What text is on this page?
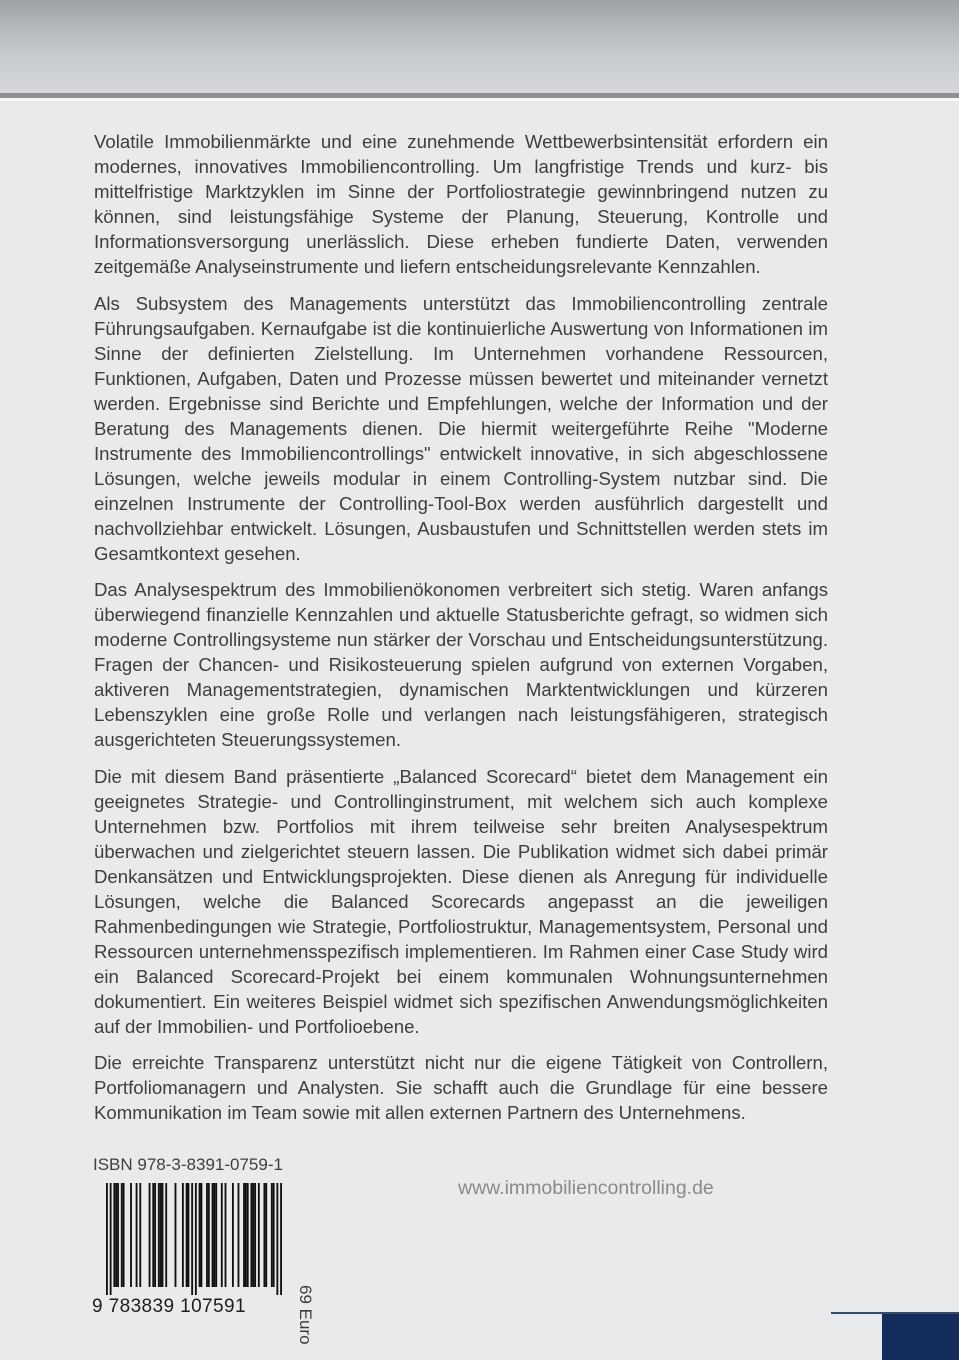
Volatile Immobilienmärkte und eine zunehmende Wettbewerbsintensität erfordern ein modernes, innovatives Immobiliencontrolling. Um langfristige Trends und kurz- bis mittelfristige Marktzyklen im Sinne der Portfoliostrategie gewinnbringend nutzen zu können, sind leistungsfähige Systeme der Planung, Steuerung, Kontrolle und Informationsversorgung unerlässlich. Diese erheben fundierte Daten, verwenden zeitgemäße Analyseinstrumente und liefern entscheidungsrelevante Kennzahlen.

Als Subsystem des Managements unterstützt das Immobiliencontrolling zentrale Führungsaufgaben. Kernaufgabe ist die kontinuierliche Auswertung von Informationen im Sinne der definierten Zielstellung. Im Unternehmen vorhandene Ressourcen, Funktionen, Aufgaben, Daten und Prozesse müssen bewertet und miteinander vernetzt werden. Ergebnisse sind Berichte und Empfehlungen, welche der Information und der Beratung des Managements dienen. Die hiermit weitergeführte Reihe "Moderne Instrumente des Immobiliencontrollings" entwickelt innovative, in sich abgeschlossene Lösungen, welche jeweils modular in einem Controlling-System nutzbar sind. Die einzelnen Instrumente der Controlling-Tool-Box werden ausführlich dargestellt und nachvollziehbar entwickelt. Lösungen, Ausbaustufen und Schnittstellen werden stets im Gesamtkontext gesehen.

Das Analysespektrum des Immobilienökonomen verbreitert sich stetig. Waren anfangs überwiegend finanzielle Kennzahlen und aktuelle Statusberichte gefragt, so widmen sich moderne Controllingsysteme nun stärker der Vorschau und Entscheidungsunterstützung. Fragen der Chancen- und Risikosteuerung spielen aufgrund von externen Vorgaben, aktiveren Managementstrategien, dynamischen Marktentwicklungen und kürzeren Lebenszyklen eine große Rolle und verlangen nach leistungsfähigeren, strategisch ausgerichteten Steuerungssystemen.

Die mit diesem Band präsentierte „Balanced Scorecard“ bietet dem Management ein geeignetes Strategie- und Controllinginstrument, mit welchem sich auch komplexe Unternehmen bzw. Portfolios mit ihrem teilweise sehr breiten Analysespektrum überwachen und zielgerichtet steuern lassen. Die Publikation widmet sich dabei primär Denkansätzen und Entwicklungsprojekten. Diese dienen als Anregung für individuelle Lösungen, welche die Balanced Scorecards angepasst an die jeweiligen Rahmenbedingungen wie Strategie, Portfoliostruktur, Managementsystem, Personal und Ressourcen unternehmensspezifisch implementieren. Im Rahmen einer Case Study wird ein Balanced Scorecard-Projekt bei einem kommunalen Wohnungsunternehmen dokumentiert. Ein weiteres Beispiel widmet sich spezifischen Anwendungsmöglichkeiten auf der Immobilien- und Portfolioebene.

Die erreichte Transparenz unterstützt nicht nur die eigene Tätigkeit von Controllern, Portfoliomanagern und Analysten. Sie schafft auch die Grundlage für eine bessere Kommunikation im Team sowie mit allen externen Partnern des Unternehmens.

ISBN 978-3-8391-0759-1
9 783839 107591	69 Euro
www.immobiliencontrolling.de
